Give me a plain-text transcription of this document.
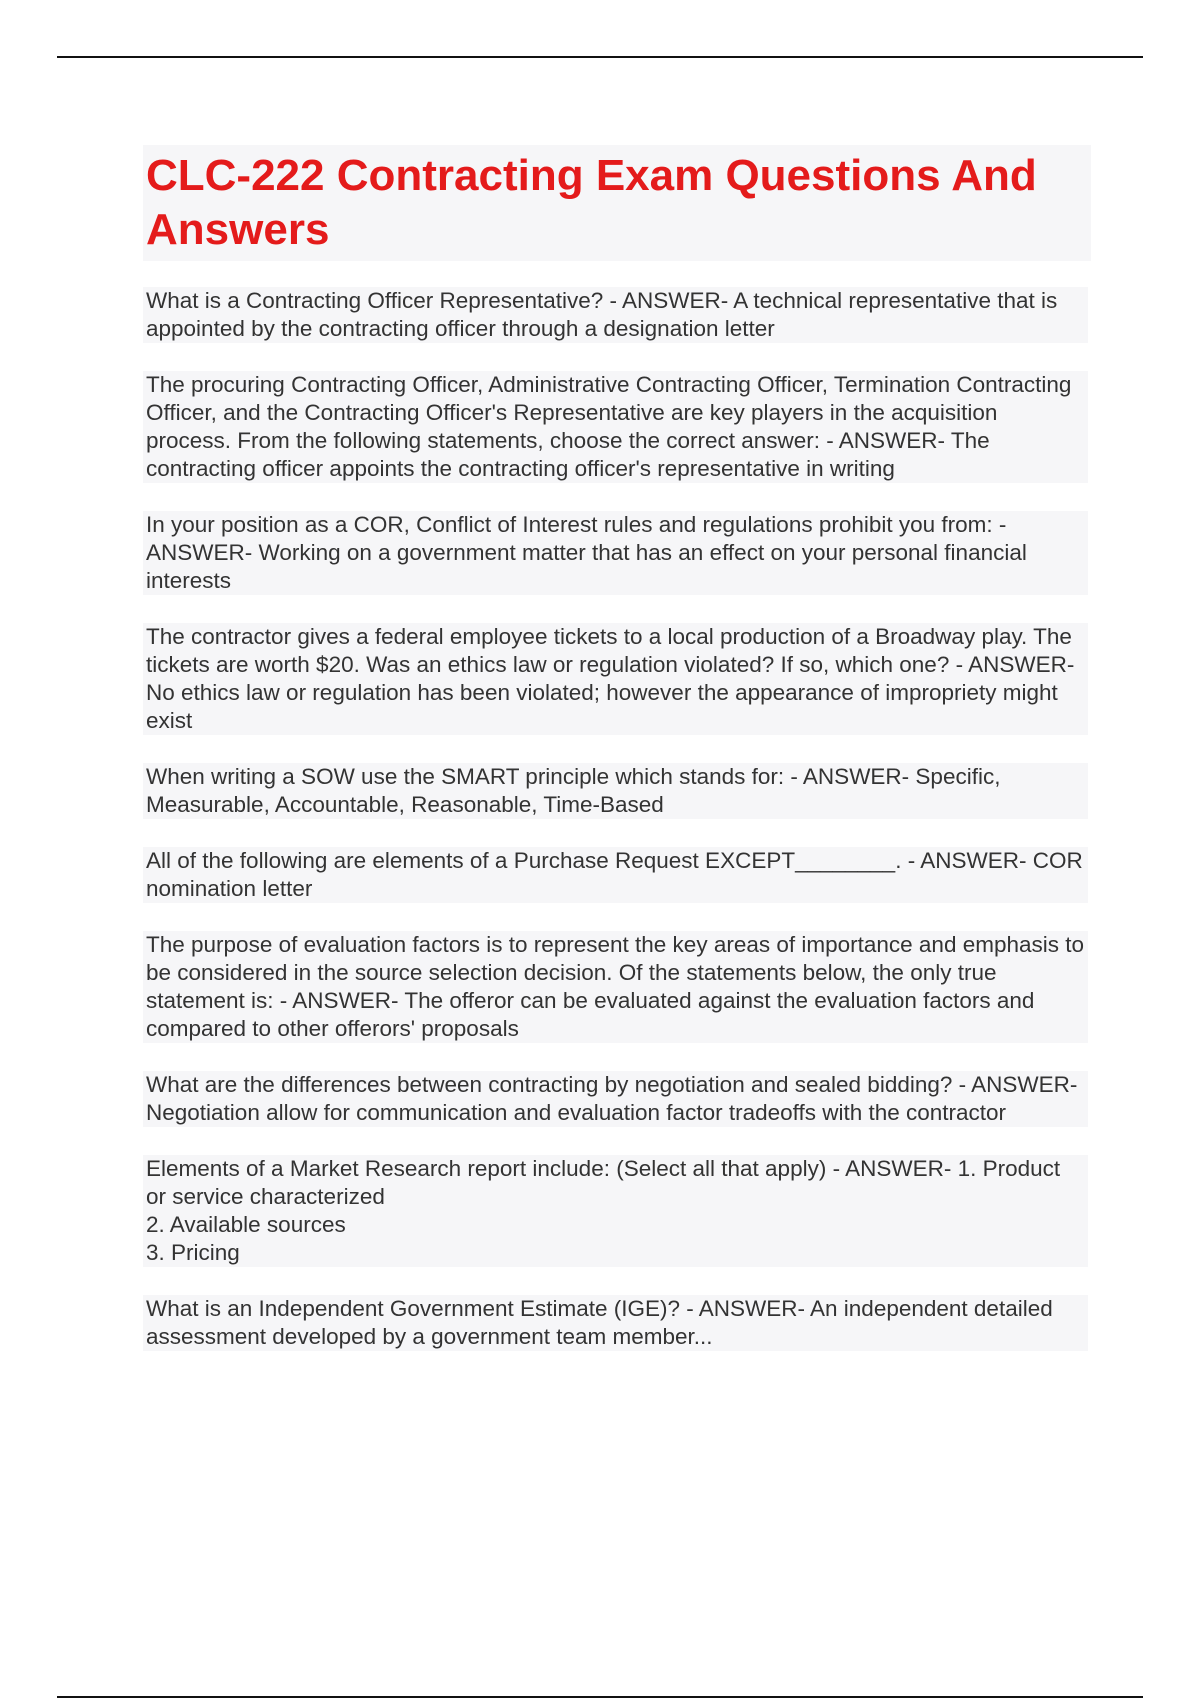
CLC-222 Contracting Exam Questions And Answers
What is a Contracting Officer Representative? - ANSWER- A technical representative that is appointed by the contracting officer through a designation letter
The procuring Contracting Officer, Administrative Contracting Officer, Termination Contracting Officer, and the Contracting Officer's Representative are key players in the acquisition process. From the following statements, choose the correct answer: - ANSWER- The contracting officer appoints the contracting officer's representative in writing
In your position as a COR, Conflict of Interest rules and regulations prohibit you from: - ANSWER- Working on a government matter that has an effect on your personal financial interests
The contractor gives a federal employee tickets to a local production of a Broadway play. The tickets are worth $20. Was an ethics law or regulation violated? If so, which one? - ANSWER- No ethics law or regulation has been violated; however the appearance of impropriety might exist
When writing a SOW use the SMART principle which stands for: - ANSWER- Specific, Measurable, Accountable, Reasonable, Time-Based
All of the following are elements of a Purchase Request EXCEPT________. - ANSWER- COR nomination letter
The purpose of evaluation factors is to represent the key areas of importance and emphasis to be considered in the source selection decision. Of the statements below, the only true statement is: - ANSWER- The offeror can be evaluated against the evaluation factors and compared to other offerors' proposals
What are the differences between contracting by negotiation and sealed bidding? - ANSWER- Negotiation allow for communication and evaluation factor tradeoffs with the contractor
Elements of a Market Research report include: (Select all that apply) - ANSWER- 1. Product or service characterized
2. Available sources
3. Pricing
What is an Independent Government Estimate (IGE)? - ANSWER- An independent detailed assessment developed by a government team member...
